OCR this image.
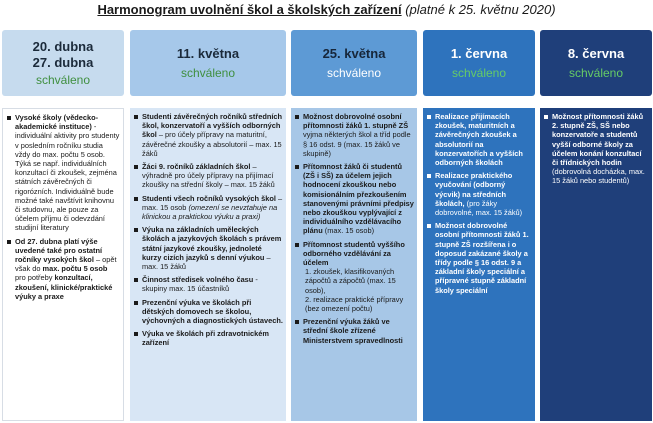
Harmonogram uvolnění škol a školských zařízení (platné k 25. květnu 2020)
20. dubna
27. dubna
schváleno
11. května
schváleno
25. května
schváleno
1. června
schváleno
8. června
schváleno
Vysoké školy (vědecko-akademické instituce) - individuální aktivity pro studenty v posledním ročníku studia vždy do max. počtu 5 osob. Týká se např. individuálních konzultací či zkoušek, zejména státních závěrečných či rigorózních. Individuálně bude možné také navštívit knihovnu či studovnu, ale pouze za účelem příjmu či odevzdání studijní literatury
Od 27. dubna platí výše uvedené také pro ostatní ročníky vysokých škol – opět však do max. počtu 5 osob pro potřeby konzultací, zkoušení, klinické/praktické výuky a praxe
Studenti závěrečných ročníků středních škol, konzervatoří a vyšších odborných škol – pro účely přípravy na maturitní, závěrečné zkoušky a absolutorií – max. 15 žáků
Žáci 9. ročníků základních škol – výhradně pro účely přípravy na přijímací zkoušky na střední školy – max. 15 žáků
Studenti všech ročníků vysokých škol – max. 15 osob (omezení se nevztahuje na klinickou a praktickou výuku a praxi)
Výuka na základních uměleckých školách a jazykových školách s právem státní jazykové zkoušky, jednoleté kurzy cizích jazyků s denní výukou – max. 15 žáků
Činnost středisek volného času - skupiny max. 15 účastníků
Prezenční výuka ve školách při dětských domovech se školou, výchovných a diagnostických ústavech.
Výuka ve školách při zdravotnickém zařízení
Možnost dobrovolné osobní přítomnosti žáků 1. stupně ZŠ vyjma některých škol a tříd podle § 16 odst. 9 (max. 15 žáků ve skupině)
Přítomnost žáků či studentů (ZŠ i SŠ) za účelem jejich hodnocení zkouškou nebo komisionálním přezkoušením stanovenými právními předpisy nebo zkouškou vyplývající z individuálního vzdělávacího plánu (max. 15 osob)
Přítomnost studentů vyššího odborného vzdělávání za účelem
1. zkoušek, klasifikovaných zápočtů a zápočtů (max. 15 osob),
2. realizace praktické přípravy (bez omezení počtu)
Prezenční výuka žáků ve střední škole zřízené Ministerstvem spravedlnosti
Realizace přijímacích zkoušek, maturitních a závěrečných zkoušek a absolutorií na konzervatořích a vyšších odborných školách
Realizace praktického vyučování (odborný výcvik) na středních školách, (pro žáky dobrovolné, max. 15 žáků)
Možnost dobrovolné osobní přítomnosti žáků 1. stupně ZŠ rozšířena i o doposud zakázané školy a třídy podle § 16 odst. 9 a základní školy speciální a přípravné stupně základní školy speciální
Možnost přítomnosti žáků 2. stupně ZŠ, SŠ nebo konzervatoře a studentů vyšší odborné školy za účelem konání konzultací či třídnických hodin (dobrovolná docházka, max. 15 žáků nebo studentů)
